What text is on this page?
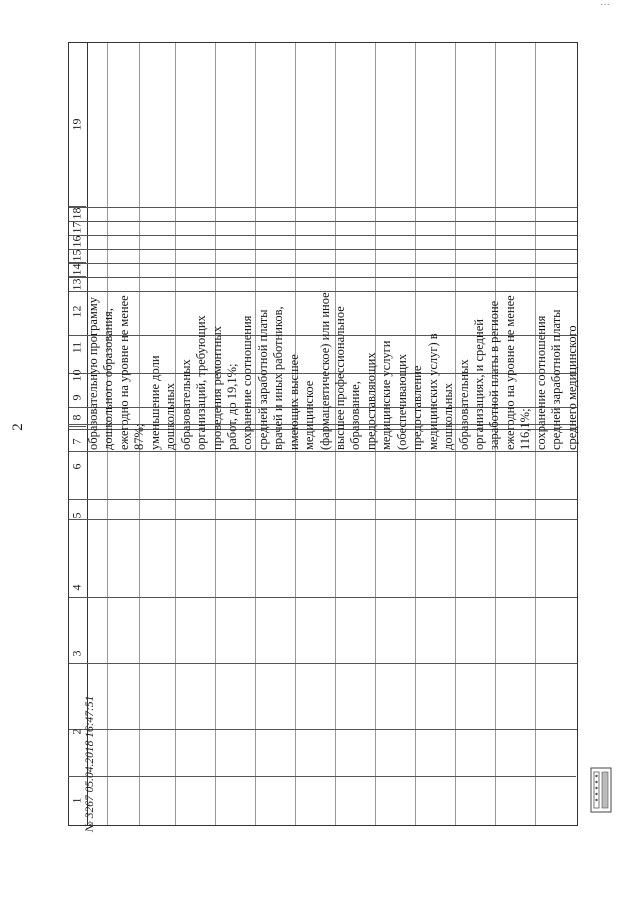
···
2
19
18
17
16
15
14
13
12
11
10
9
8
7
6
5
4
3
2
1
образовательную программу дошкольного образования, ежегодно на уровне не менее 87%; уменьшение доли дошкольных образовательных организаций, требующих проведения ремонтных работ, до 19,1%; сохранение соотношения средней заработной платы врачей и иных работников, имеющих высшее медицинское (фармацевтическое) или иное высшее профессиональное образование, предоставляющих медицинские услуги (обеспечивающих предоставление медицинских услуг) в дошкольных образовательных организациях, и средней заработной платы в регионе ежегодно на уровне не менее 116,1%; сохранение соотношения средней заработной платы среднего медицинского
№ 3267 05.04.2018 16:47:51
